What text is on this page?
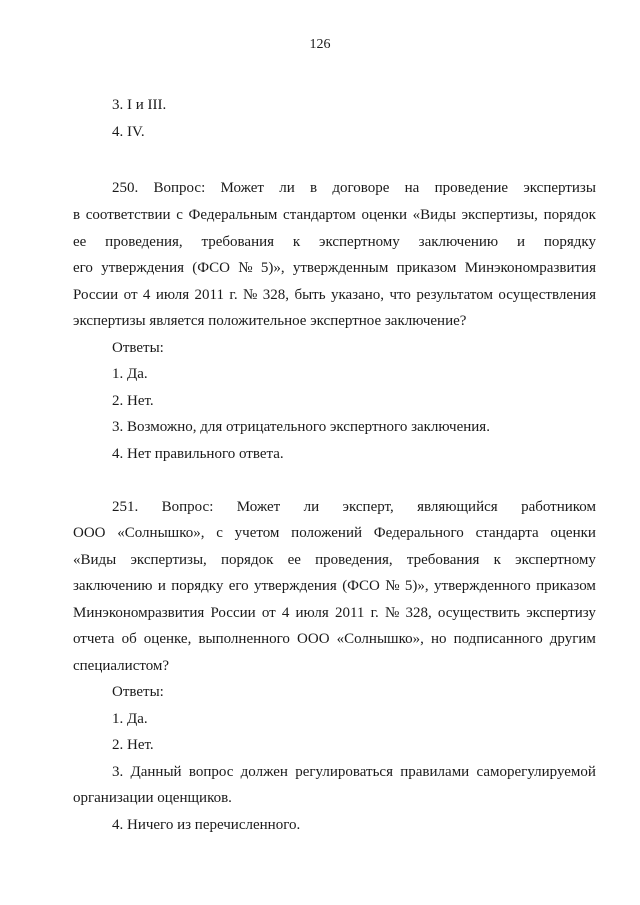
126
3. I и III.
4. IV.
250. Вопрос: Может ли в договоре на проведение экспертизы
в соответствии с Федеральным стандартом оценки «Виды экспертизы, порядок
ее проведения, требования к экспертному заключению и порядку
его утверждения (ФСО № 5)», утвержденным приказом Минэкономразвития
России от 4 июля 2011 г. № 328, быть указано, что результатом осуществления
экспертизы является положительное экспертное заключение?
Ответы:
1. Да.
2. Нет.
3. Возможно, для отрицательного экспертного заключения.
4. Нет правильного ответа.
251. Вопрос: Может ли эксперт, являющийся работником
ООО «Солнышко», с учетом положений Федерального стандарта оценки
«Виды экспертизы, порядок ее проведения, требования к экспертному
заключению и порядку его утверждения (ФСО № 5)», утвержденного приказом
Минэкономразвития России от 4 июля 2011 г. № 328, осуществить экспертизу
отчета об оценке, выполненного ООО «Солнышко», но подписанного другим
специалистом?
Ответы:
1. Да.
2. Нет.
3. Данный вопрос должен регулироваться правилами саморегулируемой
организации оценщиков.
4. Ничего из перечисленного.
